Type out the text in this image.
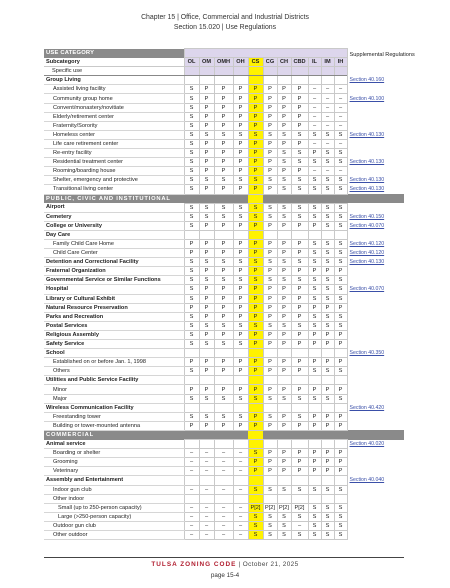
Chapter 15 | Office, Commercial and Industrial Districts
Section 15.020 | Use Regulations
USE CATEGORY												Supplemental Regulations
Subcategory	OL	OM	OMH	OH	CS	CG	CH	CBD	IL	IM	IH	
Specific use												
Group Living												Section 40.160
Assisted living facility	S	P	P	P	P	P	P	P	–	–	–	
Community group home	S	P	P	P	P	P	P	P	–	–	–	Section 40.100
Convent/monastery/novitiate	S	P	P	P	P	P	P	P	–	–	–	
Elderly/retirement center	S	P	P	P	P	P	P	P	–	–	–	
Fraternity/Sorority	S	P	P	P	P	P	P	P	–	–	–	
Homeless center	S	S	S	S	S	S	S	S	S	S	S	Section 40.130
Life care retirement center	S	P	P	P	P	P	P	P	–	–	–	
Re-entry facility	S	P	P	P	P	P	S	S	P	S	S	
Residential treatment center	S	P	P	P	P	P	S	S	S	S	S	Section 40.130
Rooming/boarding house	S	P	P	P	P	P	P	P	–	–	–	
Shelter, emergency and protective	S	S	S	S	S	S	S	S	S	S	S	Section 40.130
Transitional living center	S	P	P	P	P	P	S	S	S	S	S	Section 40.130
PUBLIC, CIVIC AND INSTITUTIONAL												
Airport	S	S	S	S	S	S	S	S	S	S	S	
Cemetery	S	S	S	S	S	S	S	S	S	S	S	Section 40.150
College or University	S	P	P	P	P	P	P	P	P	S	S	Section 40.070
Day Care												
Family Child Care Home	P	P	P	P	P	P	P	P	S	S	S	Section 40.120
Child Care Center	P	P	P	P	P	P	P	P	S	S	S	Section 40.120
Detention and Correctional Facility	S	S	S	S	S	S	S	S	S	S	S	Section 40.130
Fraternal Organization	S	P	P	P	P	P	P	P	P	P	P	
Governmental Service or Similar Functions	S	S	S	S	S	S	S	S	S	S	S	
Hospital	S	P	P	P	P	P	P	P	S	S	S	Section 40.070
Library or Cultural Exhibit	S	P	P	P	P	P	P	P	S	S	S	
Natural Resource Preservation	P	P	P	P	P	P	P	P	P	P	P	
Parks and Recreation	S	P	P	P	P	P	P	P	S	S	S	
Postal Services	S	S	S	S	S	S	S	S	S	S	S	
Religious Assembly	S	P	P	P	P	P	P	P	P	P	P	
Safety Service	S	S	S	S	P	P	P	P	P	P	P	
School												Section 40.350
Established on or before Jan. 1, 1998	P	P	P	P	P	P	P	P	P	P	P	
Others	S	P	P	P	P	P	P	P	S	S	S	
Utilities and Public Service Facility												
Minor	P	P	P	P	P	P	P	P	P	P	P	
Major	S	S	S	S	S	S	S	S	S	S	S	
Wireless Communication Facility												Section 40.420
Freestanding tower	S	S	S	S	P	S	P	S	P	P	P	
Building or tower-mounted antenna	P	P	P	P	P	P	P	P	P	P	P	
COMMERCIAL												
Animal service												Section 40.020
Boarding or shelter	–	–	–	–	S	P	P	P	P	P	P	
Grooming	–	–	–	–	P	P	P	P	P	P	P	
Veterinary	–	–	–	–	P	P	P	P	P	P	P	
Assembly and Entertainment												Section 40.040
Indoor gun club	–	–	–	–	S	S	S	S	S	S	S	
Other indoor												
Small (up to 250-person capacity)	–	–	–	–	P[2]	P[2]	P[2]	P[2]	S	S	S	
Large (>250-person capacity)	–	–	–	–	S	S	S	S	S	S	S	
Outdoor gun club	–	–	–	–	S	S	S	–	S	S	S	
Other outdoor	–	–	–	–	S	S	S	S	S	S	S	
TULSA ZONING CODE | October 21, 2025
page 15-4
